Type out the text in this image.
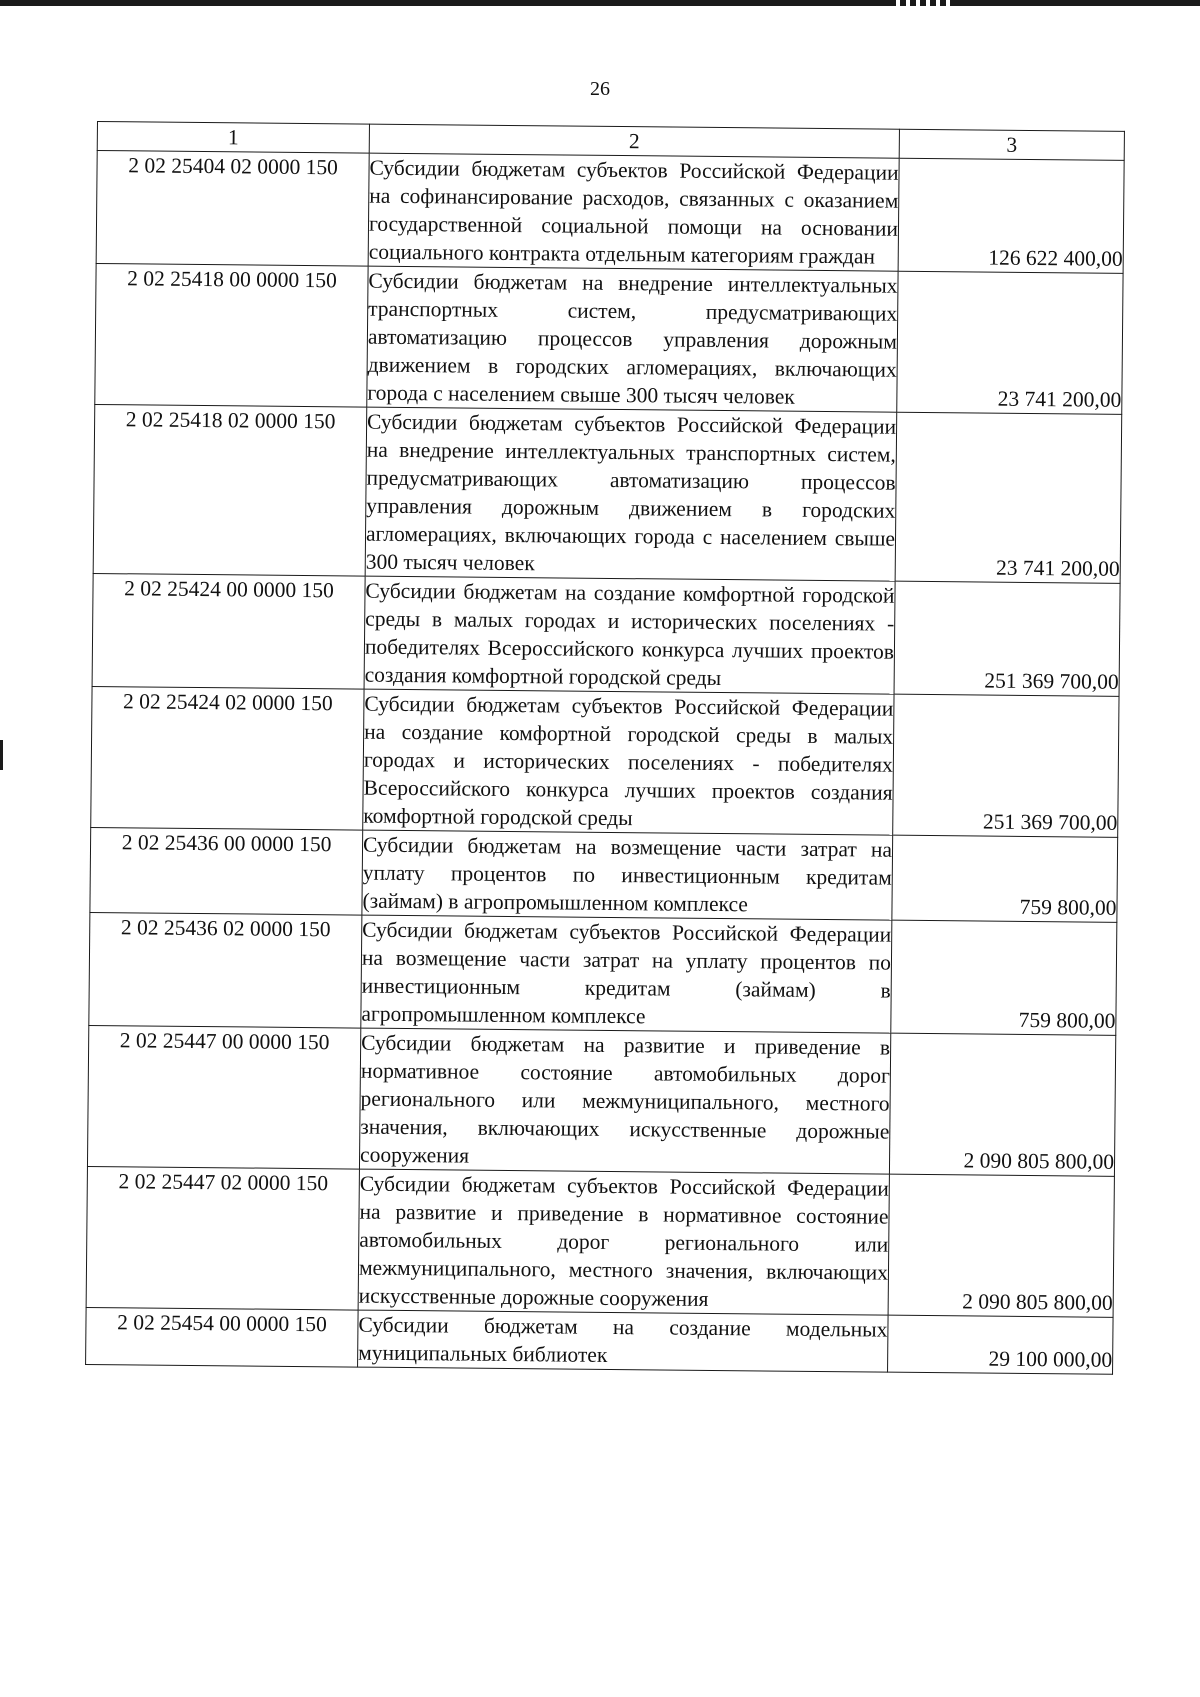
26
1	2	3
2 02 25404 02 0000 150	Субсидии бюджетам субъектов Российской Федерации на софинансирование расходов, связанных с оказанием государственной социальной помощи на основании социального контракта отдельным категориям граждан	126 622 400,00
2 02 25418 00 0000 150	Субсидии бюджетам на внедрение интеллектуальных транспортных систем, предусматривающих автоматизацию процессов управления дорожным движением в городских агломерациях, включающих города с населением свыше 300 тысяч человек	23 741 200,00
2 02 25418 02 0000 150	Субсидии бюджетам субъектов Российской Федерации на внедрение интеллектуальных транспортных систем, предусматривающих автоматизацию процессов управления дорожным движением в городских агломерациях, включающих города с населением свыше 300 тысяч человек	23 741 200,00
2 02 25424 00 0000 150	Субсидии бюджетам на создание комфортной городской среды в малых городах и исторических поселениях - победителях Всероссийского конкурса лучших проектов создания комфортной городской среды	251 369 700,00
2 02 25424 02 0000 150	Субсидии бюджетам субъектов Российской Федерации на создание комфортной городской среды в малых городах и исторических поселениях - победителях Всероссийского конкурса лучших проектов создания комфортной городской среды	251 369 700,00
2 02 25436 00 0000 150	Субсидии бюджетам на возмещение части затрат на уплату процентов по инвестиционным кредитам (займам) в агропромышленном комплексе	759 800,00
2 02 25436 02 0000 150	Субсидии бюджетам субъектов Российской Федерации на возмещение части затрат на уплату процентов по инвестиционным кредитам (займам) в агропромышленном комплексе	759 800,00
2 02 25447 00 0000 150	Субсидии бюджетам на развитие и приведение в нормативное состояние автомобильных дорог регионального или межмуниципального, местного значения, включающих искусственные дорожные сооружения	2 090 805 800,00
2 02 25447 02 0000 150	Субсидии бюджетам субъектов Российской Федерации на развитие и приведение в нормативное состояние автомобильных дорог регионального или межмуниципального, местного значения, включающих искусственные дорожные сооружения	2 090 805 800,00
2 02 25454 00 0000 150	Субсидии бюджетам на создание модельных муниципальных библиотек	29 100 000,00
